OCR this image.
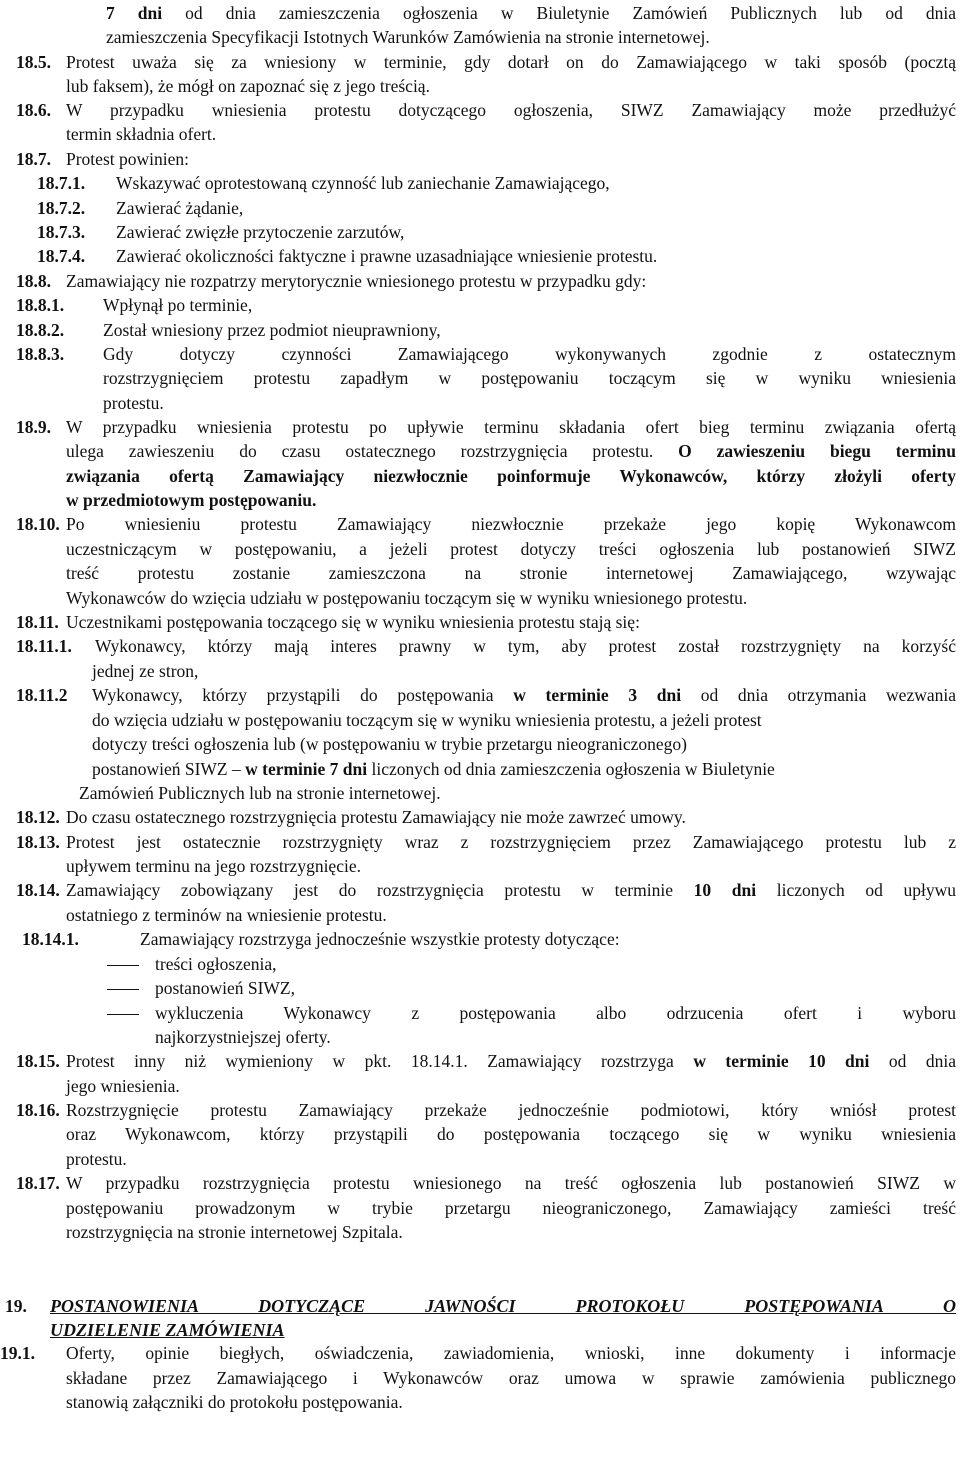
7 dni od dnia zamieszczenia ogłoszenia w Biuletynie Zamówień Publicznych lub od dnia
zamieszczenia Specyfikacji Istotnych Warunków Zamówienia na stronie internetowej.
18.5. Protest uważa się za wniesiony w terminie, gdy dotarł on do Zamawiającego w taki sposób (pocztą
lub faksem), że mógł on zapoznać się z jego treścią.
18.6. W przypadku wniesienia protestu dotyczącego ogłoszenia, SIWZ Zamawiający może przedłużyć
termin składnia ofert.
18.7. Protest powinien:
18.7.1. Wskazywać oprotestowaną czynność lub zaniechanie Zamawiającego,
18.7.2. Zawierać żądanie,
18.7.3. Zawierać zwięzłe przytoczenie zarzutów,
18.7.4. Zawierać okoliczności faktyczne i prawne uzasadniające wniesienie protestu.
18.8. Zamawiający nie rozpatrzy merytorycznie wniesionego protestu w przypadku gdy:
18.8.1. Wpłynął po terminie,
18.8.2. Został wniesiony przez podmiot nieuprawniony,
18.8.3. Gdy dotyczy czynności Zamawiającego wykonywanych zgodnie z ostatecznym
rozstrzygnięciem protestu zapadłym w postępowaniu toczącym się w wyniku wniesienia
protestu.
18.9. W przypadku wniesienia protestu po upływie terminu składania ofert bieg terminu związania ofertą
ulega zawieszeniu do czasu ostatecznego rozstrzygnięcia protestu. O zawieszeniu biegu terminu
związania ofertą Zamawiający niezwłocznie poinformuje Wykonawców, którzy złożyli oferty
w przedmiotowym postępowaniu.
18.10. Po wniesieniu protestu Zamawiający niezwłocznie przekaże jego kopię Wykonawcom
uczestniczącym w postępowaniu, a jeżeli protest dotyczy treści ogłoszenia lub postanowień SIWZ
treść protestu zostanie zamieszczona na stronie internetowej Zamawiającego, wzywając
Wykonawców do wzięcia udziału w postępowaniu toczącym się w wyniku wniesionego protestu.
18.11. Uczestnikami postępowania toczącego się w wyniku wniesienia protestu stają się:
18.11.1. Wykonawcy, którzy mają interes prawny w tym, aby protest został rozstrzygnięty na korzyść
jednej ze stron,
18.11.2 Wykonawcy, którzy przystąpili do postępowania w terminie 3 dni od dnia otrzymania wezwania
do wzięcia udziału w postępowaniu toczącym się w wyniku wniesienia protestu, a jeżeli protest
dotyczy treści ogłoszenia lub (w postępowaniu w trybie przetargu nieograniczonego)
postanowień SIWZ – w terminie 7 dni liczonych od dnia zamieszczenia ogłoszenia w Biuletynie
Zamówień Publicznych lub na stronie internetowej.
18.12. Do czasu ostatecznego rozstrzygnięcia protestu Zamawiający nie może zawrzeć umowy.
18.13. Protest jest ostatecznie rozstrzygnięty wraz z rozstrzygnięciem przez Zamawiającego protestu lub z
upływem terminu na jego rozstrzygnięcie.
18.14. Zamawiający zobowiązany jest do rozstrzygnięcia protestu w terminie 10 dni liczonych od upływu
ostatniego z terminów na wniesienie protestu.
18.14.1.	Zamawiający rozstrzyga jednocześnie wszystkie protesty dotyczące:
treści ogłoszenia,
postanowień SIWZ,
wykluczenia Wykonawcy z postępowania albo odrzucenia ofert i wyboru
najkorzystniejszej oferty.
18.15. Protest inny niż wymieniony w pkt. 18.14.1. Zamawiający rozstrzyga w terminie 10 dni od dnia
jego wniesienia.
18.16. Rozstrzygnięcie protestu Zamawiający przekaże jednocześnie podmiotowi, który wniósł protest
oraz Wykonawcom, którzy przystąpili do postępowania toczącego się w wyniku wniesienia
protestu.
18.17. W przypadku rozstrzygnięcia protestu wniesionego na treść ogłoszenia lub postanowień SIWZ w
postępowaniu prowadzonym w trybie przetargu nieograniczonego, Zamawiający zamieści treść
rozstrzygnięcia na stronie internetowej Szpitala.
19. POSTANOWIENIA DOTYCZĄCE JAWNOŚCI PROTOKOŁU POSTĘPOWANIA O
UDZIELENIE ZAMÓWIENIA
19.1. Oferty, opinie biegłych, oświadczenia, zawiadomienia, wnioski, inne dokumenty i informacje
składane przez Zamawiającego i Wykonawców oraz umowa w sprawie zamówienia publicznego
stanowią załączniki do protokołu postępowania.
